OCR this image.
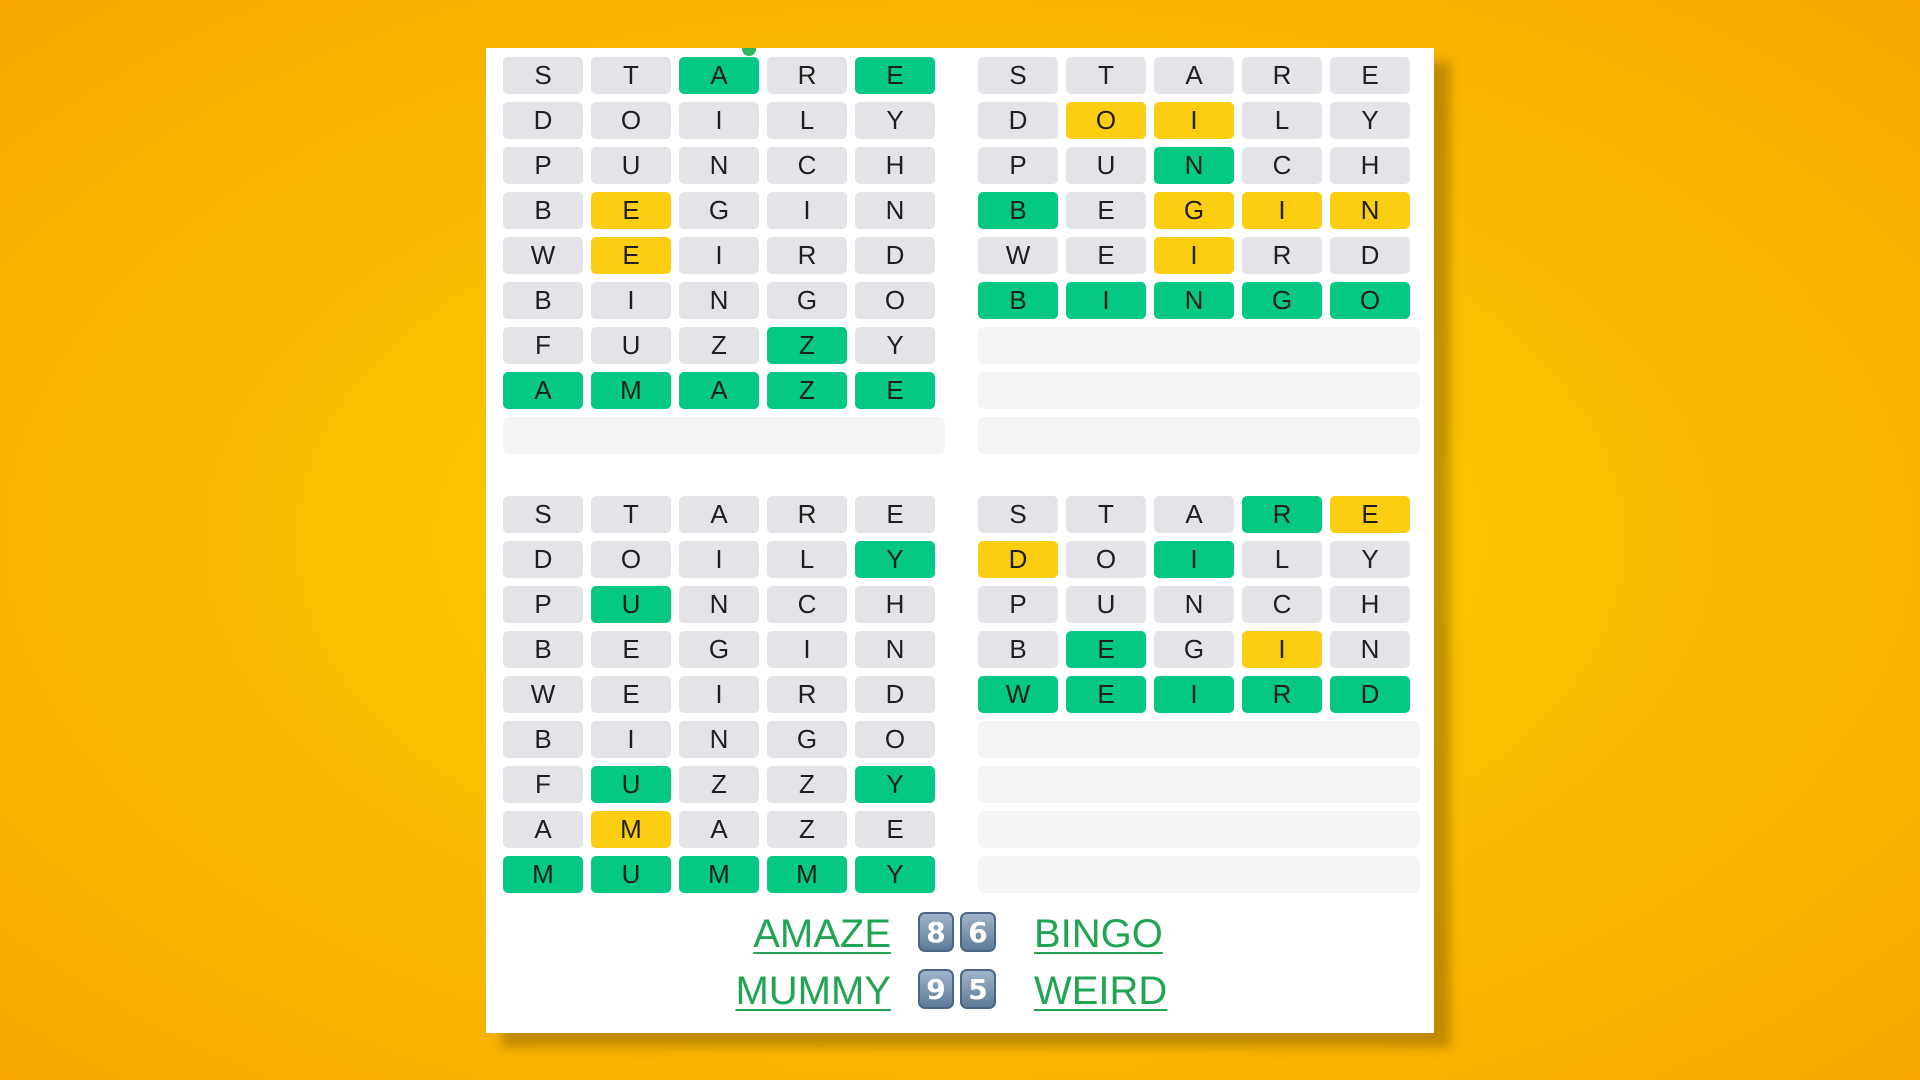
S	T	A	R	E
D	O	I	L	Y
P	U	N	C	H
B	E	G	I	N
W	E	I	R	D
B	I	N	G	O
F	U	Z	Z	Y
A	M	A	Z	E
S	T	A	R	E
D	O	I	L	Y
P	U	N	C	H
B	E	G	I	N
W	E	I	R	D
B	I	N	G	O
S	T	A	R	E
D	O	I	L	Y
P	U	N	C	H
B	E	G	I	N
W	E	I	R	D
B	I	N	G	O
F	U	Z	Z	Y
A	M	A	Z	E
M	U	M	M	Y
S	T	A	R	E
D	O	I	L	Y
P	U	N	C	H
B	E	G	I	N
W	E	I	R	D
AMAZE 8 6 BINGO
MUMMY 9 5 WEIRD
